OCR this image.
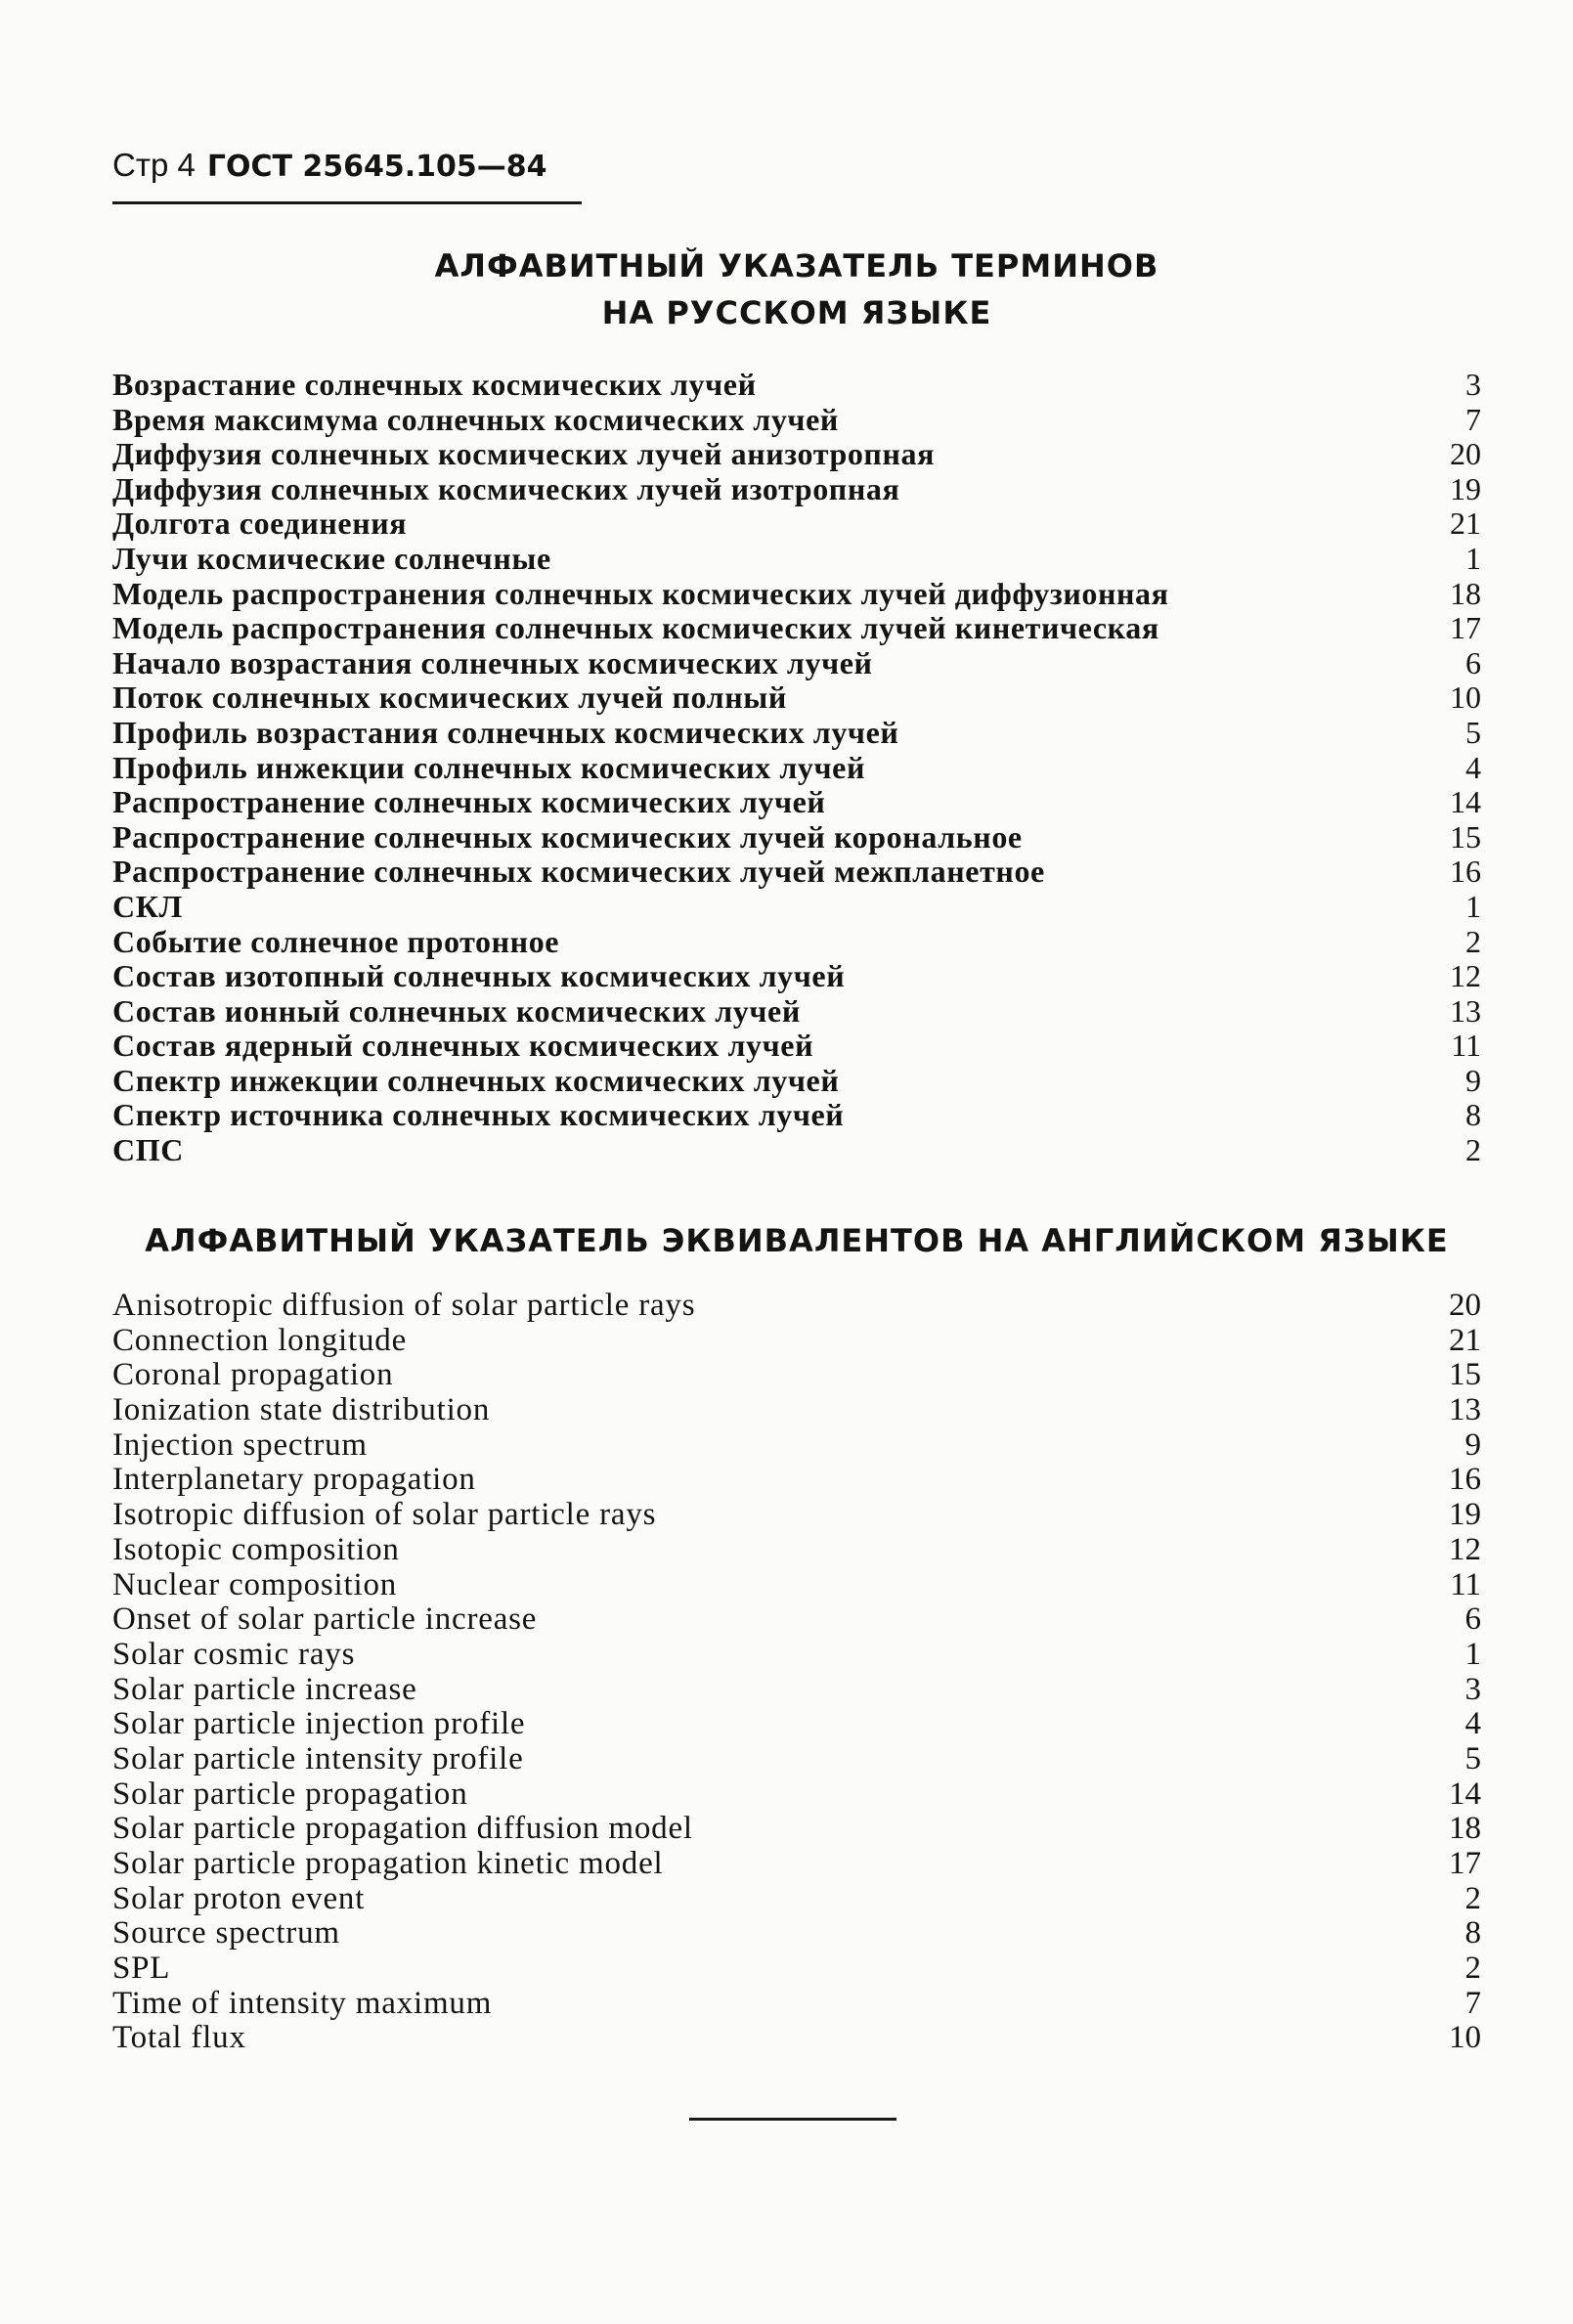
Стр 4 ГОСТ 25645.105—84
АЛФАВИТНЫЙ УКАЗАТЕЛЬ ТЕРМИНОВ
НА РУССКОМ ЯЗЫКЕ
Возрастание солнечных космических лучей	3
Время максимума солнечных космических лучей	7
Диффузия солнечных космических лучей анизотропная	20
Диффузия солнечных космических лучей изотропная	19
Долгота соединения	21
Лучи космические солнечные	1
Модель распространения солнечных космических лучей диффузионная	18
Модель распространения солнечных космических лучей кинетическая	17
Начало возрастания солнечных космических лучей	6
Поток солнечных космических лучей полный	10
Профиль возрастания солнечных космических лучей	5
Профиль инжекции солнечных космических лучей	4
Распространение солнечных космических лучей	14
Распространение солнечных космических лучей корональное	15
Распространение солнечных космических лучей межпланетное	16
СКЛ	1
Событие солнечное протонное	2
Состав изотопный солнечных космических лучей	12
Состав ионный солнечных космических лучей	13
Состав ядерный солнечных космических лучей	11
Спектр инжекции солнечных космических лучей	9
Спектр источника солнечных космических лучей	8
СПС	2
АЛФАВИТНЫЙ УКАЗАТЕЛЬ ЭКВИВАЛЕНТОВ НА АНГЛИЙСКОМ ЯЗЫКЕ
Anisotropic diffusion of solar particle rays	20
Connection longitude	21
Coronal propagation	15
Ionization state distribution	13
Injection spectrum	9
Interplanetary propagation	16
Isotropic diffusion of solar particle rays	19
Isotopic composition	12
Nuclear composition	11
Onset of solar particle increase	6
Solar cosmic rays	1
Solar particle increase	3
Solar particle injection profile	4
Solar particle intensity profile	5
Solar particle propagation	14
Solar particle propagation diffusion model	18
Solar particle propagation kinetic model	17
Solar proton event	2
Source spectrum	8
SPL	2
Time of intensity maximum	7
Total flux	10
